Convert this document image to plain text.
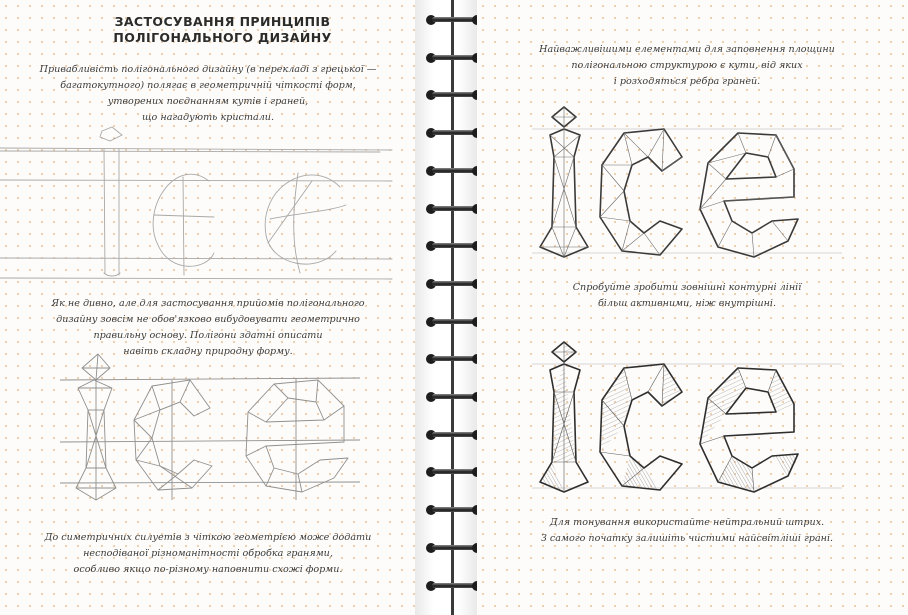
ЗАСТОСУВАННЯ ПРИНЦИПІВ
ПОЛІГОНАЛЬНОГО ДИЗАЙНУ
Привабливість полігонального дизайну (в перекладі з грецької —
багатокутного) полягає в геометричній чіткості форм,
утворених поєднанням кутів і граней,
що нагадують кристали.
Як не дивно, але для застосування прийомів полігонального
дизайну зовсім не обов'язково вибудовувати геометрично
правильну основу. Полігони здатні описати
навіть складну природну форму.
До симетричних силуетів з чіткою геометрією може додати
несподіваної різноманітності обробка гранями,
особливо якщо по-різному наповнити схожі форми.
Найважливішими елементами для заповнення площини
полігональною структурою є кути, від яких
і розходяться ребра граней.
Спробуйте зробити зовнішні контурні лінії
більш активними, ніж внутрішні.
Для тонування використайте нейтральний штрих.
З самого початку залишіть чистими найсвітліші грані.
